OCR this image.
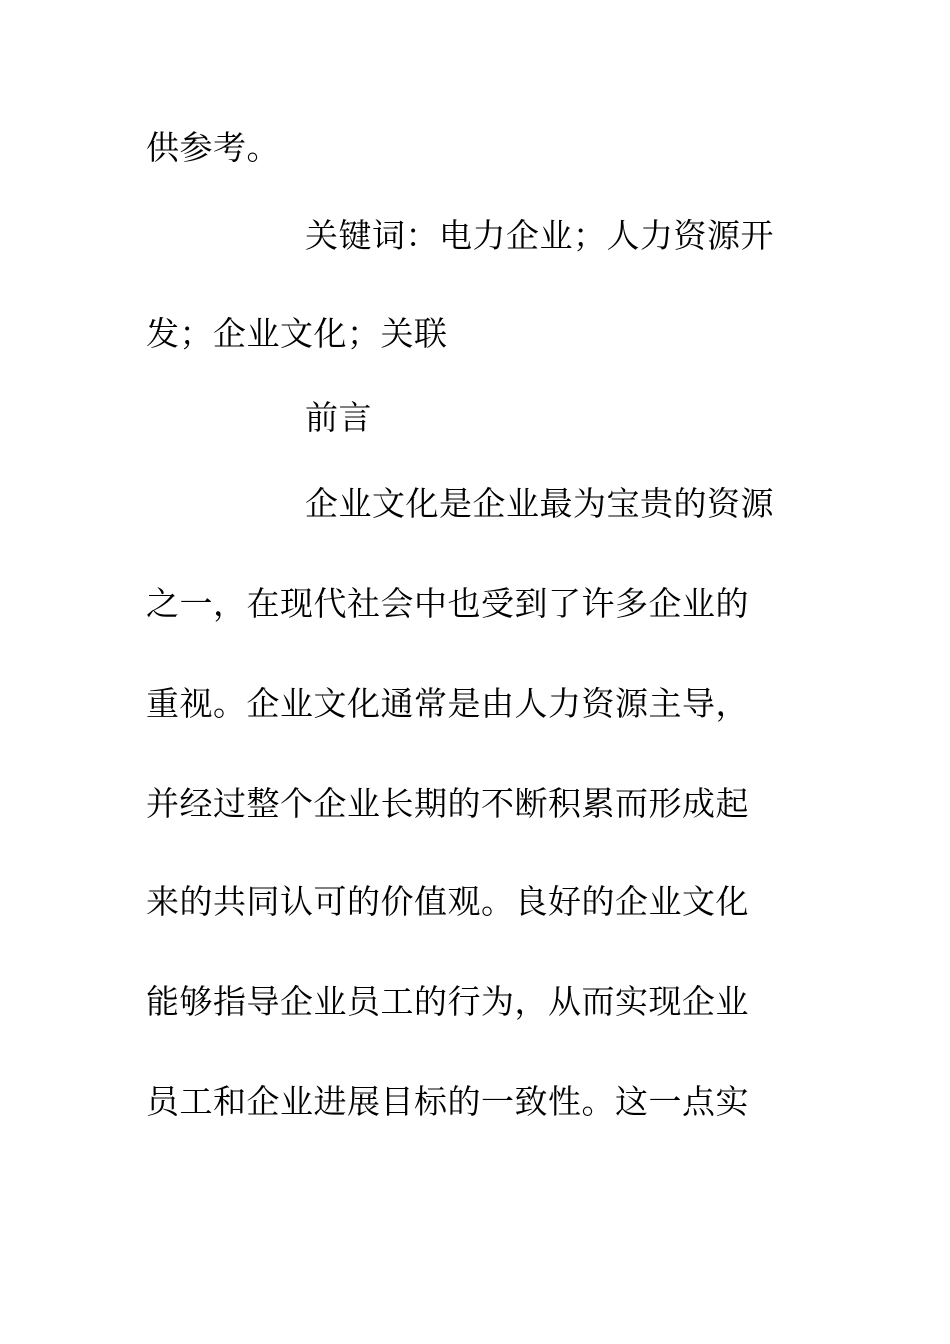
供参考。
关键词：电力企业；人力资源开
发；企业文化；关联
前言
企业文化是企业最为宝贵的资源
之一，在现代社会中也受到了许多企业的
重视。企业文化通常是由人力资源主导，
并经过整个企业长期的不断积累而形成起
来的共同认可的价值观。良好的企业文化
能够指导企业员工的行为，从而实现企业
员工和企业进展目标的一致性。这一点实
